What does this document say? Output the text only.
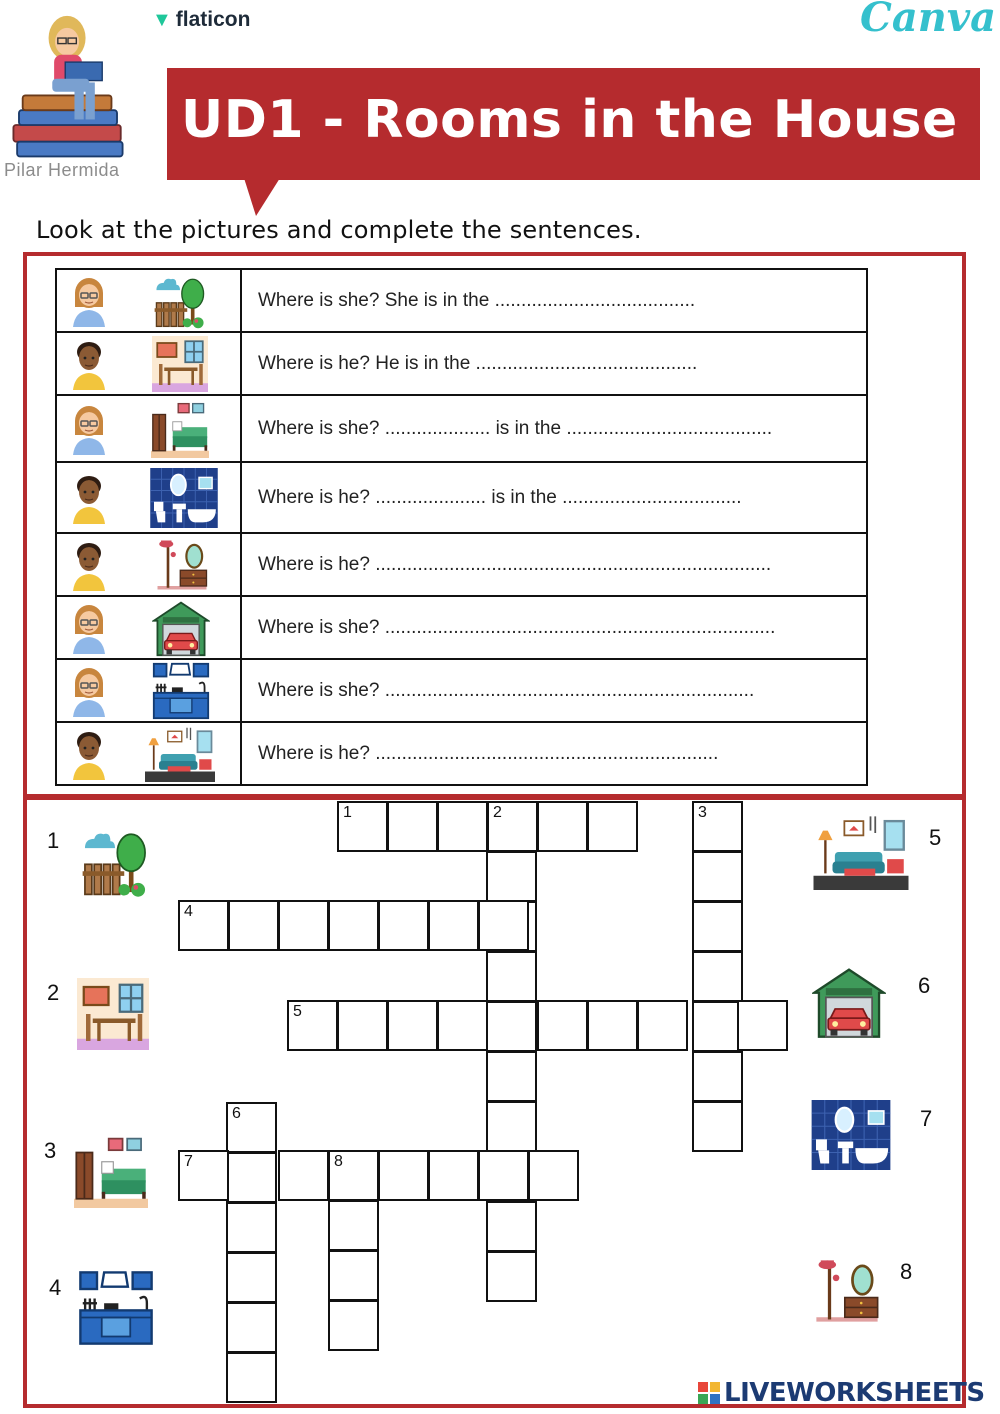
Pilar Hermida
▼ flaticon	Canva
UD1 - Rooms in the House
Look at the pictures and complete the sentences.
Where is she? She is in the ......................................
Where is he? He is in the ..........................................
Where is she? .................... is in the .......................................
Where is he? ..................... is in the ..................................
Where is he? ...........................................................................
Where is she? ..........................................................................
Where is she? ......................................................................
Where is he? .................................................................
1	2	3
4
5
6
7	8
1
2
3
4
5
6
7
8
LIVEWORKSHEETS
